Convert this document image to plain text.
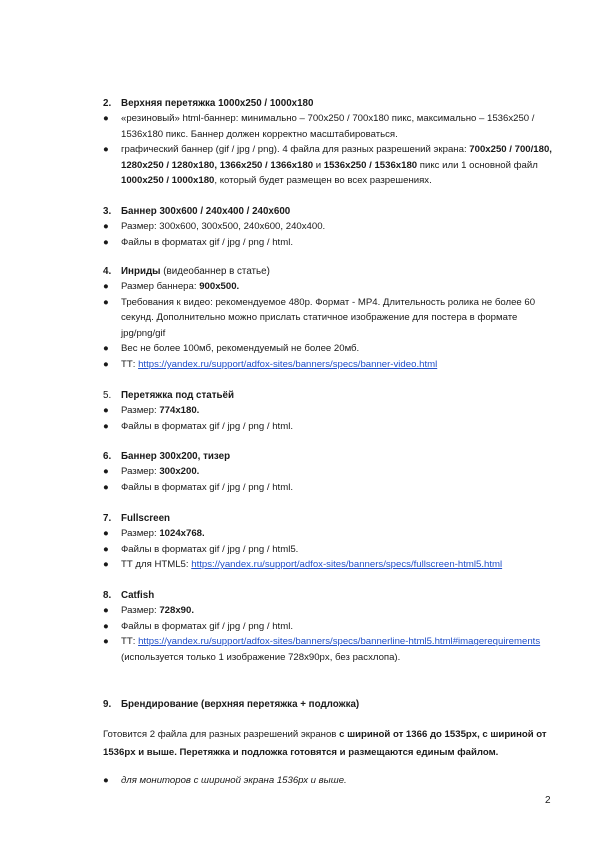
2. Верхняя перетяжка 1000х250 / 1000х180
● «резиновый» html-баннер: минимально – 700х250 / 700х180 пикс, максимально – 1536х250 / 1536х180 пикс. Баннер должен корректно масштабироваться.
● графический баннер (gif / jpg / png). 4 файла для разных разрешений экрана: 700х250 / 700/180, 1280х250 / 1280х180, 1366х250 / 1366х180 и 1536х250 / 1536х180 пикс или 1 основной файл 1000х250 / 1000х180, который будет размещен во всех разрешениях.
3. Баннер 300х600 / 240х400 / 240х600
● Размер: 300х600, 300х500, 240х600, 240х400.
● Файлы в форматах gif / jpg / png / html.
4. Инриды (видеобаннер в статье)
● Размер баннера: 900х500.
● Требования к видео: рекомендуемое 480p. Формат - MP4. Длительность ролика не более 60 секунд. Дополнительно можно прислать статичное изображение для постера в формате jpg/png/gif
● Вес не более 100мб, рекомендуемый не более 20мб.
● ТТ: https://yandex.ru/support/adfox-sites/banners/specs/banner-video.html
5. Перетяжка под статьёй
● Размер: 774х180.
● Файлы в форматах gif / jpg / png / html.
6. Баннер 300х200, тизер
● Размер: 300х200.
● Файлы в форматах gif / jpg / png / html.
7. Fullscreen
● Размер: 1024х768.
● Файлы в форматах gif / jpg / png / html5.
● ТТ для HTML5: https://yandex.ru/support/adfox-sites/banners/specs/fullscreen-html5.html
8. Catfish
● Размер: 728х90.
● Файлы в форматах gif / jpg / png / html.
● ТТ: https://yandex.ru/support/adfox-sites/banners/specs/bannerline-html5.html#imagerequirements (используется только 1 изображение 728х90px, без расхлопа).
9. Брендирование (верхняя перетяжка + подложка)
Готовится 2 файла для разных разрешений экранов с шириной от 1366 до 1535px, с шириной от 1536px и выше. Перетяжка и подложка готовятся и размещаются единым файлом.
● для мониторов с шириной экрана 1536рх и выше.
2
